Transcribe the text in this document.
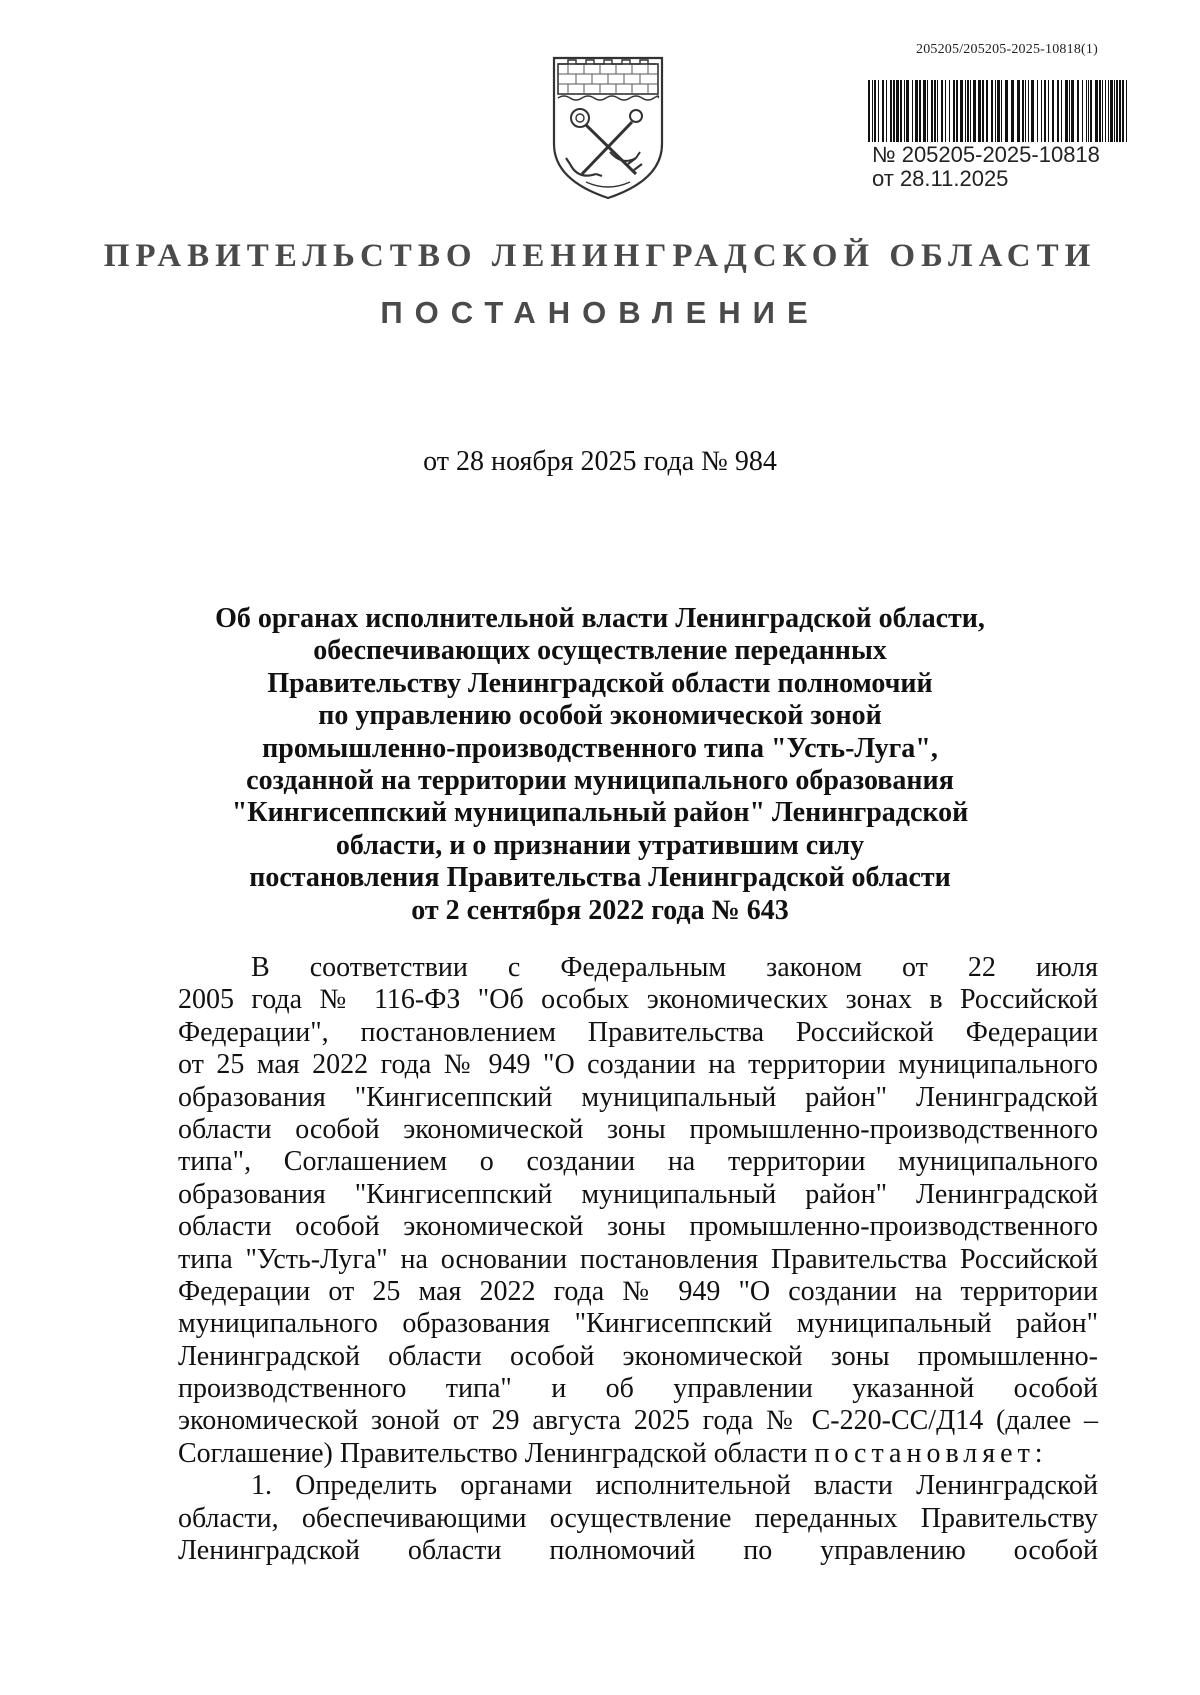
205205/205205-2025-10818(1)
№ 205205-2025-10818
от 28.11.2025
ПРАВИТЕЛЬСТВО ЛЕНИНГРАДСКОЙ ОБЛАСТИ
ПОСТАНОВЛЕНИЕ
от 28 ноября 2025 года № 984
Об органах исполнительной власти Ленинградской области,
обеспечивающих осуществление переданных
Правительству Ленинградской области полномочий
по управлению особой экономической зоной
промышленно-производственного типа "Усть-Луга",
созданной на территории муниципального образования
"Кингисеппский муниципальный район" Ленинградской
области, и о признании утратившим силу
постановления Правительства Ленинградской области
от 2 сентября 2022 года № 643
В соответствии с Федеральным законом от 22 июля
2005 года № 116-ФЗ "Об особых экономических зонах в Российской
Федерации", постановлением Правительства Российской Федерации
от 25 мая 2022 года № 949 "О создании на территории муниципального
образования "Кингисеппский муниципальный район" Ленинградской
области особой экономической зоны промышленно-производственного
типа", Соглашением о создании на территории муниципального
образования "Кингисеппский муниципальный район" Ленинградской
области особой экономической зоны промышленно-производственного
типа "Усть-Луга" на основании постановления Правительства Российской
Федерации от 25 мая 2022 года № 949 "О создании на территории
муниципального образования "Кингисеппский муниципальный район"
Ленинградской области особой экономической зоны промышленно-
производственного типа" и об управлении указанной особой
экономической зоной от 29 августа 2025 года № С-220-СС/Д14 (далее –
Соглашение) Правительство Ленинградской области постановляет:
1. Определить органами исполнительной власти Ленинградской
области, обеспечивающими осуществление переданных Правительству
Ленинградской области полномочий по управлению особой
